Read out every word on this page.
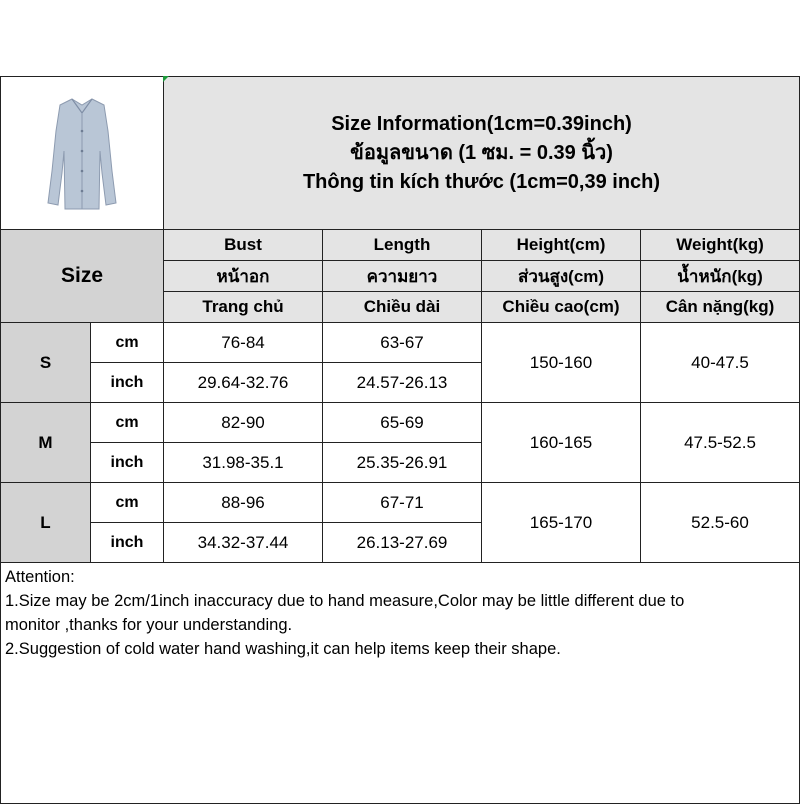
Size Information(1cm=0.39inch)
ข้อมูลขนาด (1 ซม. = 0.39 นิ้ว)
Thông tin kích thước (1cm=0,39 inch)			

Size		Bust	Length	Height(cm)	Weight(kg)
		หน้าอก	ความยาว	ส่วนสูง(cm)	น้ำหนัก(kg)
		Trang chủ	Chiều dài	Chiều cao(cm)	Cân nặng(kg)
S	cm	76-84	63-67	150-160	40-47.5
	inch	29.64-32.76	24.57-26.13		
M	cm	82-90	65-69	160-165	47.5-52.5
	inch	31.98-35.1	25.35-26.91		
L	cm	88-96	67-71	165-170	52.5-60
	inch	34.32-37.44	26.13-27.69		

Attention:
1.Size may be 2cm/1inch inaccuracy due to hand measure,Color may be little different due to
monitor ,thanks for your understanding.
2.Suggestion of cold water hand washing,it can help items keep their shape.					
